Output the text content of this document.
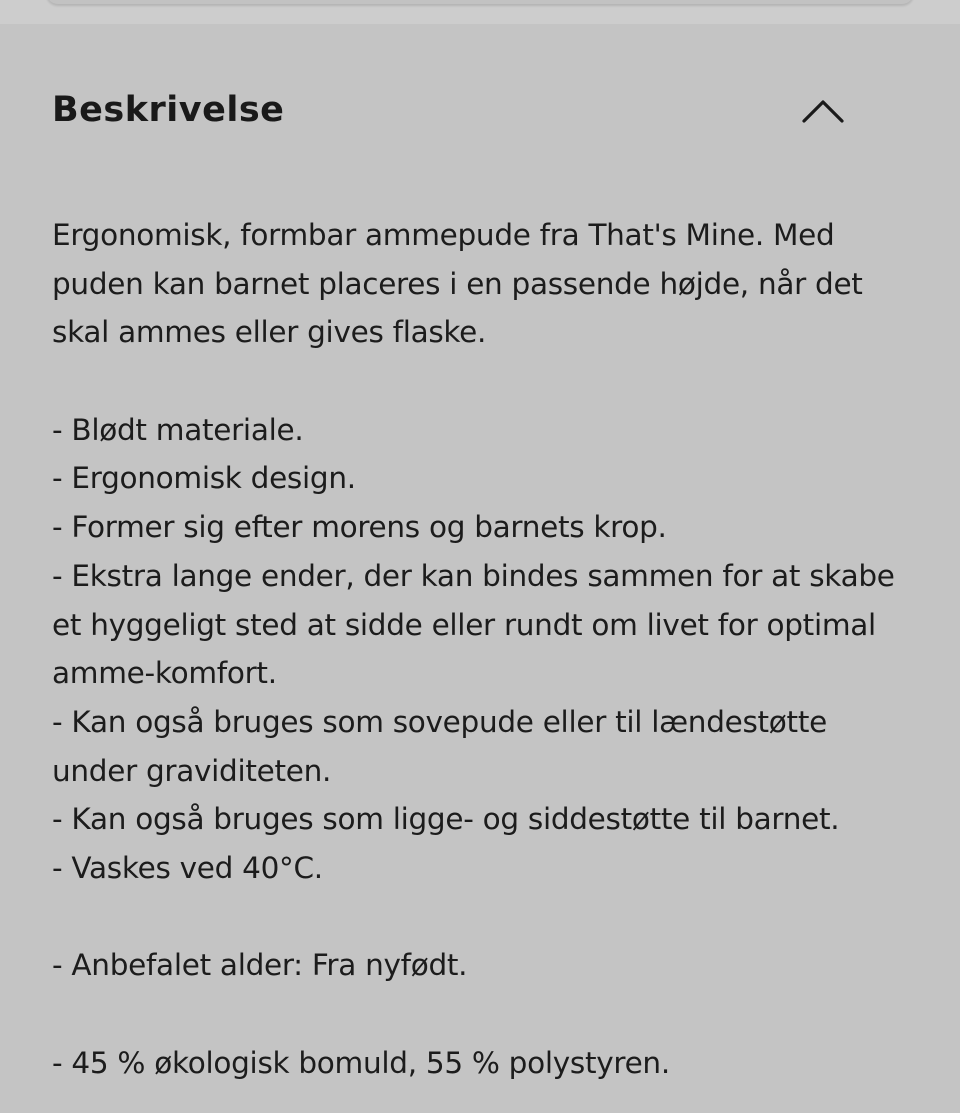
Beskrivelse
Ergonomisk, formbar ammepude fra That's Mine. Med
puden kan barnet placeres i en passende højde, når det
skal ammes eller gives flaske.
- Blødt materiale.
- Ergonomisk design.
- Former sig efter morens og barnets krop.
- Ekstra lange ender, der kan bindes sammen for at skabe
et hyggeligt sted at sidde eller rundt om livet for optimal
amme-komfort.
- Kan også bruges som sovepude eller til lændestøtte
under graviditeten.
- Kan også bruges som ligge- og siddestøtte til barnet.
- Vaskes ved 40°C.
- Anbefalet alder: Fra nyfødt.
- 45 % økologisk bomuld, 55 % polystyren.
